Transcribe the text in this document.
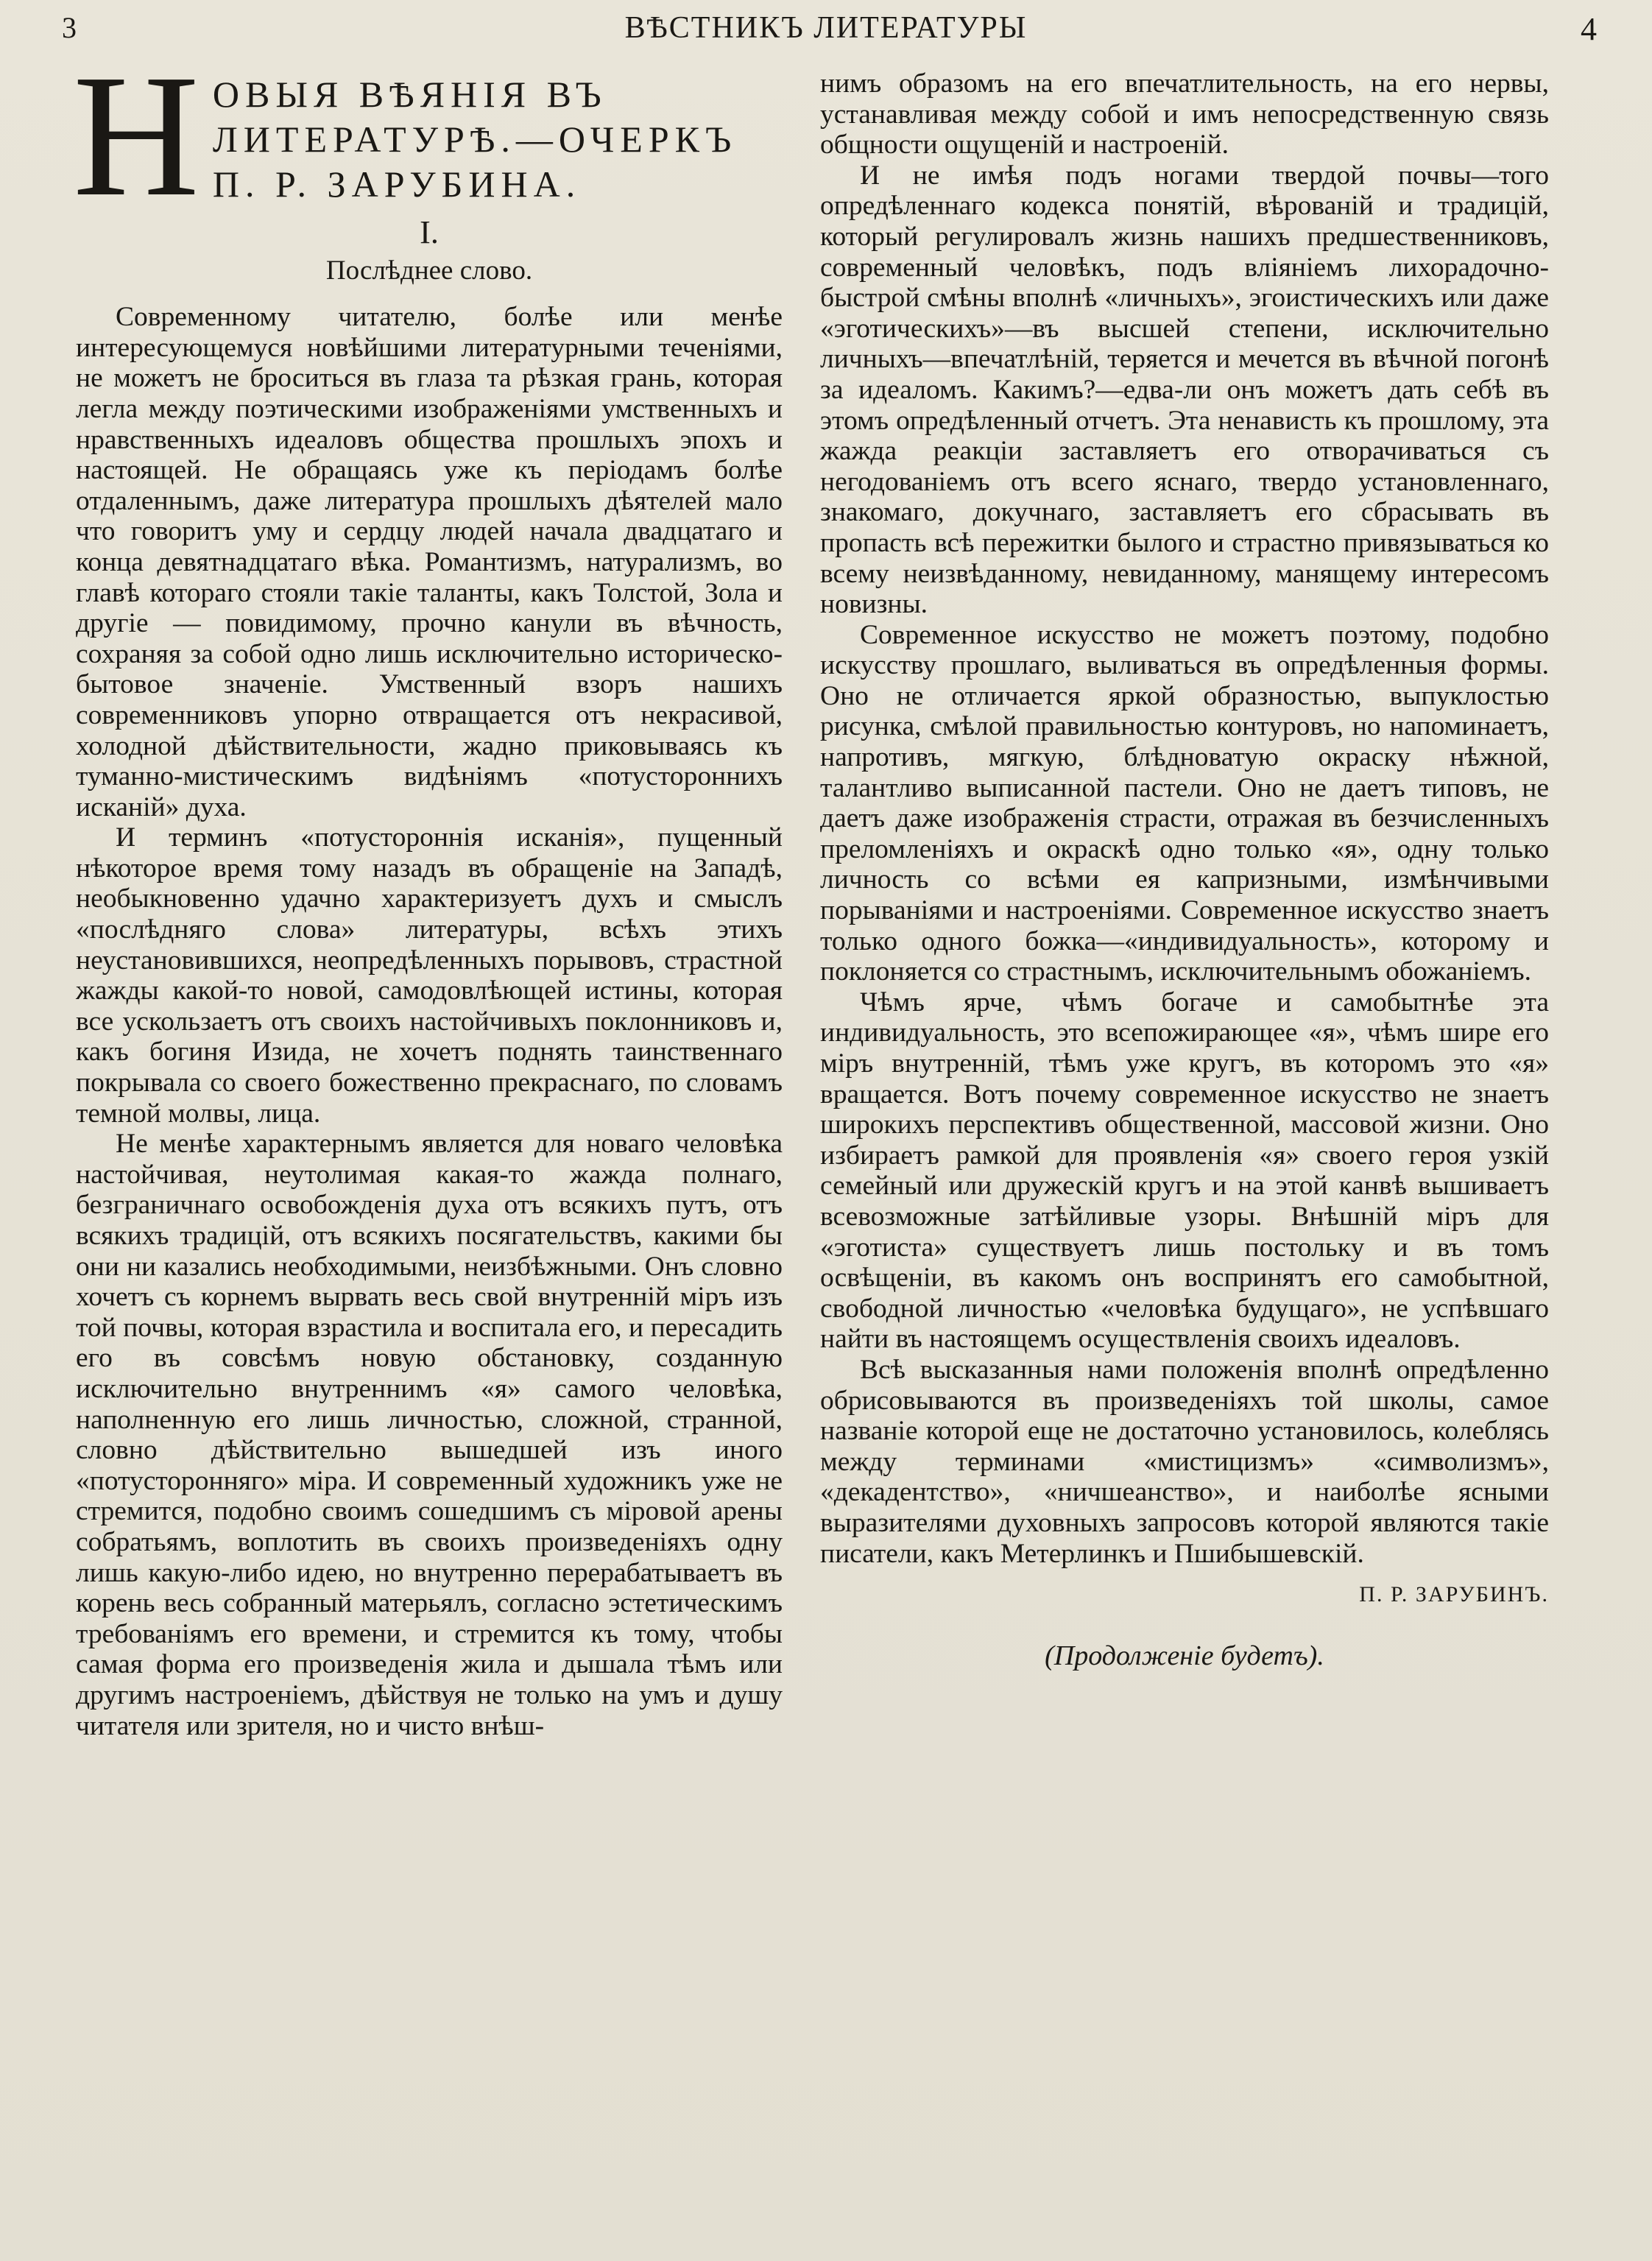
3	ВѢСТНИКЪ ЛИТЕРАТУРЫ	4
Н ОВЫЯ ВѢЯНІЯ ВЪ ЛИТЕРАТУРѢ.—ОЧЕРКЪ П. Р. ЗАРУБИНА.
I.
Послѣднее слово.

Современному читателю, болѣе или менѣе интересующемуся новѣйшими литературными теченіями, не можетъ не броситься въ глаза та рѣзкая грань, которая легла между поэтическими изображеніями умственныхъ и нравственныхъ идеаловъ общества прошлыхъ эпохъ и настоящей. Не обращаясь уже къ періодамъ болѣе отдаленнымъ, даже литература прошлыхъ дѣятелей мало что говоритъ уму и сердцу людей начала двадцатаго и конца девятнадцатаго вѣка. Романтизмъ, натурализмъ, во главѣ котораго стояли такіе таланты, какъ Толстой, Зола и другіе — повидимому, прочно канули въ вѣчность, сохраняя за собой одно лишь исключительно историческо-бытовое значеніе. Умственный взоръ нашихъ современниковъ упорно отвращается отъ некрасивой, холодной дѣйствительности, жадно приковываясь къ туманно-мистическимъ видѣніямъ «потустороннихъ исканій» духа.

И терминъ «потустороннія исканія», пущенный нѣкоторое время тому назадъ въ обращеніе на Западѣ, необыкновенно удачно характеризуетъ духъ и смыслъ «послѣдняго слова» литературы, всѣхъ этихъ неустановившихся, неопредѣленныхъ порывовъ, страстной жажды какой-то новой, самодовлѣющей истины, которая все ускользаетъ отъ своихъ настойчивыхъ поклонниковъ и, какъ богиня Изида, не хочетъ поднять таинственнаго покрывала со своего божественно прекраснаго, по словамъ темной молвы, лица.

Не менѣе характернымъ является для новаго человѣка настойчивая, неутолимая какая-то жажда полнаго, безграничнаго освобожденія духа отъ всякихъ путъ, отъ всякихъ традицій, отъ всякихъ посягательствъ, какими бы они ни казались необходимыми, неизбѣжными. Онъ словно хочетъ съ корнемъ вырвать весь свой внутренній міръ изъ той почвы, которая взрастила и воспитала его, и пересадить его въ совсѣмъ новую обстановку, созданную исключительно внутреннимъ «я» самого человѣка, наполненную его лишь личностью, сложной, странной, словно дѣйствительно вышедшей изъ иного «потусторонняго» міра. И современный художникъ уже не стремится, подобно своимъ сошедшимъ съ міровой арены собратьямъ, воплотить въ своихъ произведеніяхъ одну лишь какую-либо идею, но внутренно перерабатываетъ въ корень весь собранный матерьялъ, согласно эстетическимъ требованіямъ его времени, и стремится къ тому, чтобы самая форма его произведенія жила и дышала тѣмъ или другимъ настроеніемъ, дѣйствуя не только на умъ и душу читателя или зрителя, но и чисто внѣш-

нимъ образомъ на его впечатлительность, на его нервы, устанавливая между собой и имъ непосредственную связь общности ощущеній и настроеній.

И не имѣя подъ ногами твердой почвы—того опредѣленнаго кодекса понятій, вѣрованій и традицій, который регулировалъ жизнь нашихъ предшественниковъ, современный человѣкъ, подъ вліяніемъ лихорадочно-быстрой смѣны вполнѣ «личныхъ», эгоистическихъ или даже «эготическихъ»—въ высшей степени, исключительно личныхъ—впечатлѣній, теряется и мечется въ вѣчной погонѣ за идеаломъ. Какимъ?—едва-ли онъ можетъ дать себѣ въ этомъ опредѣленный отчетъ. Эта ненависть къ прошлому, эта жажда реакціи заставляетъ его отворачиваться съ негодованіемъ отъ всего яснаго, твердо установленнаго, знакомаго, докучнаго, заставляетъ его сбрасывать въ пропасть всѣ пережитки былого и страстно привязываться ко всему неизвѣданному, невиданному, манящему интересомъ новизны.

Современное искусство не можетъ поэтому, подобно искусству прошлаго, выливаться въ опредѣленныя формы. Оно не отличается яркой образностью, выпуклостью рисунка, смѣлой правильностью контуровъ, но напоминаетъ, напротивъ, мягкую, блѣдноватую окраску нѣжной, талантливо выписанной пастели. Оно не даетъ типовъ, не даетъ даже изображенія страсти, отражая въ безчисленныхъ преломленіяхъ и окраскѣ одно только «я», одну только личность со всѣми ея капризными, измѣнчивыми порываніями и настроеніями. Современное искусство знаетъ только одного божка—«индивидуальность», которому и поклоняется со страстнымъ, исключительнымъ обожаніемъ.

Чѣмъ ярче, чѣмъ богаче и самобытнѣе эта индивидуальность, это всепожирающее «я», чѣмъ шире его міръ внутренній, тѣмъ уже кругъ, въ которомъ это «я» вращается. Вотъ почему современное искусство не знаетъ широкихъ перспективъ общественной, массовой жизни. Оно избираетъ рамкой для проявленія «я» своего героя узкій семейный или дружескій кругъ и на этой канвѣ вышиваетъ всевозможные затѣйливые узоры. Внѣшній міръ для «эготиста» существуетъ лишь постольку и въ томъ освѣщеніи, въ какомъ онъ воспринятъ его самобытной, свободной личностью «человѣка будущаго», не успѣвшаго найти въ настоящемъ осуществленія своихъ идеаловъ.

Всѣ высказанныя нами положенія вполнѣ опредѣленно обрисовываются въ произведеніяхъ той школы, самое названіе которой еще не достаточно установилось, колеблясь между терминами «мистицизмъ» «символизмъ», «декадентство», «ничшеанство», и наиболѣе ясными выразителями духовныхъ запросовъ которой являются такіе писатели, какъ Метерлинкъ и Пшибышевскій.

П. Р. ЗАРУБИНЪ.
(Продолженіе будетъ).
